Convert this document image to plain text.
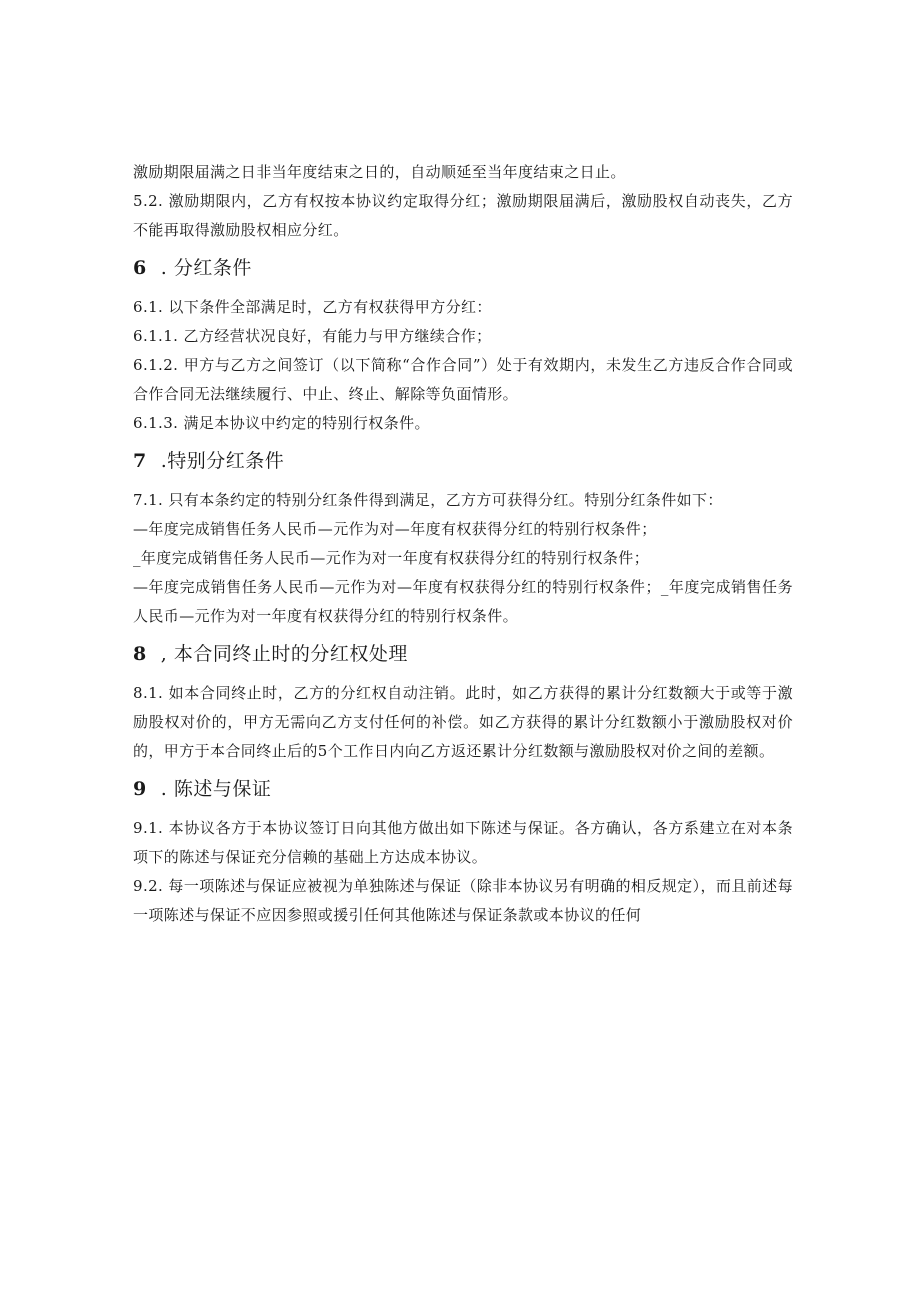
激励期限届满之日非当年度结束之日的，自动顺延至当年度结束之日止。

5.2. 激励期限内，乙方有权按本协议约定取得分红；激励期限届满后，激励股权自动丧失，乙方不能再取得激励股权相应分红。

6 . 分红条件

6.1. 以下条件全部满足时，乙方有权获得甲方分红：

6.1.1. 乙方经营状况良好，有能力与甲方继续合作；

6.1.2. 甲方与乙方之间签订（以下简称“合作合同”）处于有效期内，未发生乙方违反合作合同或合作合同无法继续履行、中止、终止、解除等负面情形。

6.1.3. 满足本协议中约定的特别行权条件。

7 .特别分红条件

7.1. 只有本条约定的特别分红条件得到满足，乙方方可获得分红。特别分红条件如下：

—年度完成销售任务人民币—元作为对—年度有权获得分红的特别行权条件；

_年度完成销售任务人民币—元作为对一年度有权获得分红的特别行权条件；

—年度完成销售任务人民币—元作为对—年度有权获得分红的特别行权条件；_年度完成销售任务人民币—元作为对一年度有权获得分红的特别行权条件。

8 , 本合同终止时的分红权处理

8.1. 如本合同终止时，乙方的分红权自动注销。此时，如乙方获得的累计分红数额大于或等于激励股权对价的，甲方无需向乙方支付任何的补偿。如乙方获得的累计分红数额小于激励股权对价的，甲方于本合同终止后的5个工作日内向乙方返还累计分红数额与激励股权对价之间的差额。

9 . 陈述与保证

9.1. 本协议各方于本协议签订日向其他方做出如下陈述与保证。各方确认，各方系建立在对本条项下的陈述与保证充分信赖的基础上方达成本协议。

9.2. 每一项陈述与保证应被视为单独陈述与保证（除非本协议另有明确的相反规定），而且前述每一项陈述与保证不应因参照或援引任何其他陈述与保证条款或本协议的任何
